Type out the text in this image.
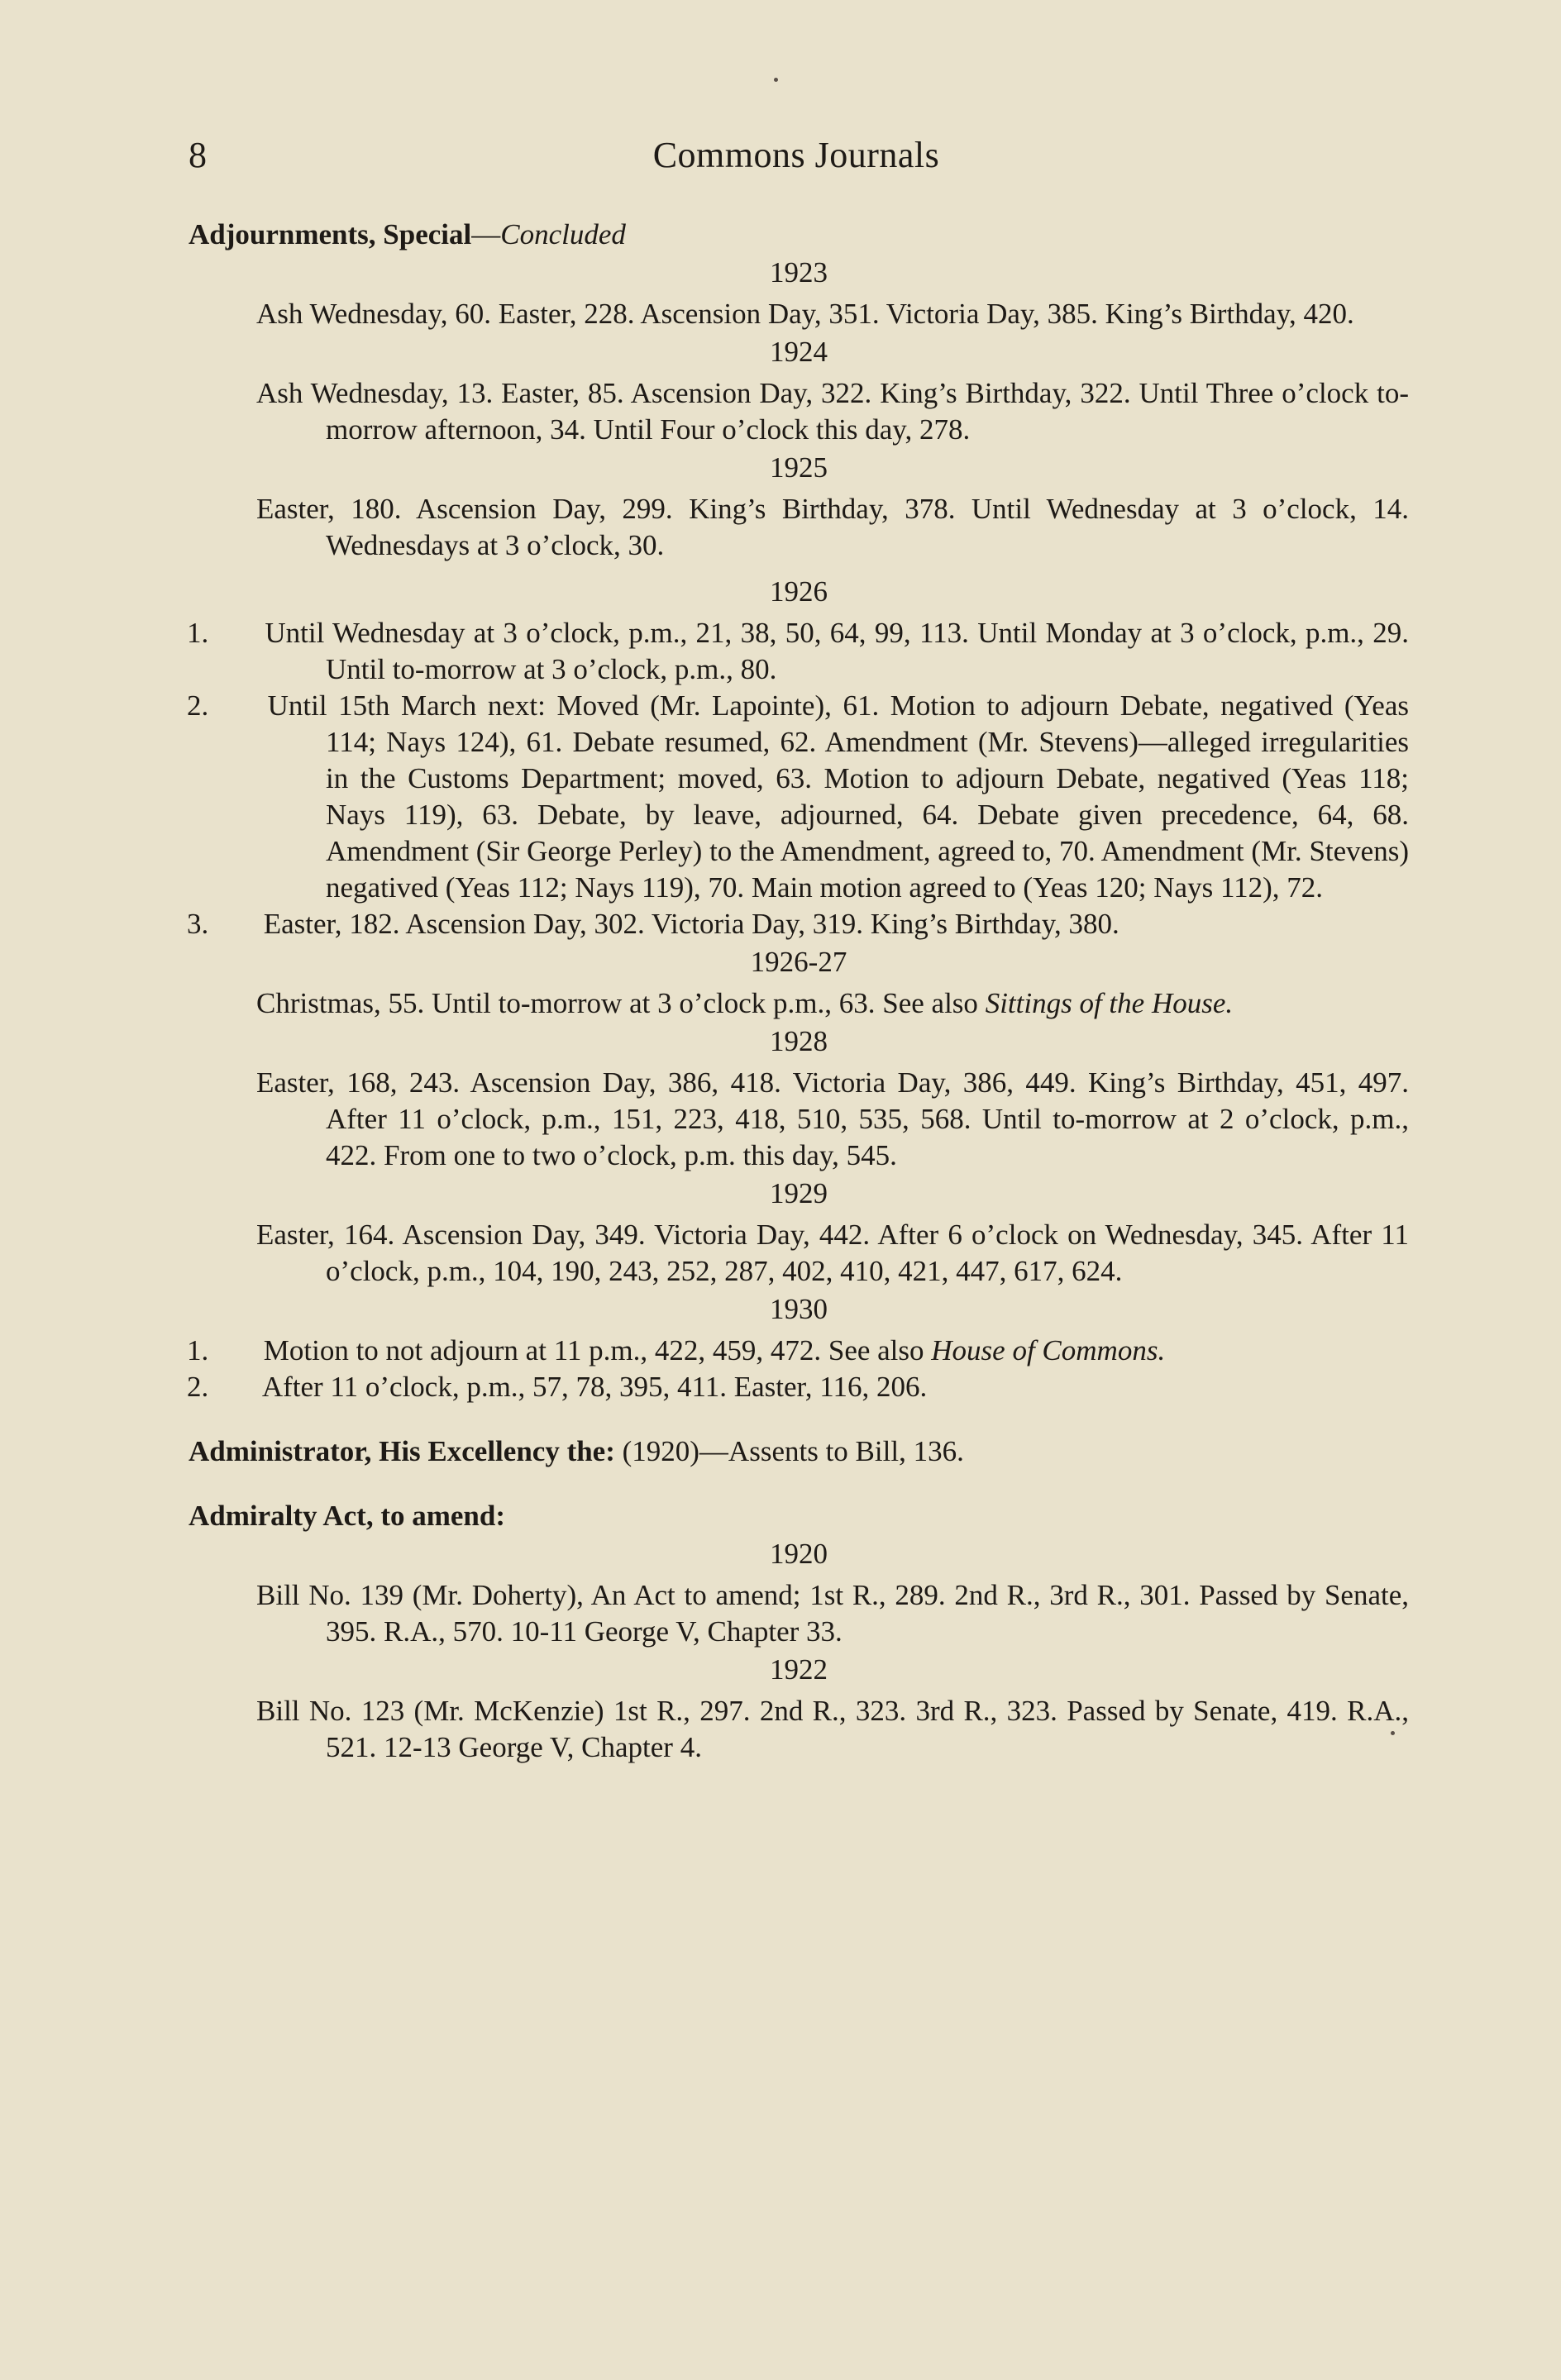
8	Commons Journals
Adjournments, Special—Concluded
1923

Ash Wednesday, 60. Easter, 228. Ascension Day, 351. Victoria Day, 385. King’s Birthday, 420.

1924

Ash Wednesday, 13. Easter, 85. Ascension Day, 322. King’s Birthday, 322. Until Three o’clock to-morrow afternoon, 34. Until Four o’clock this day, 278.

1925

Easter, 180. Ascension Day, 299. King’s Birthday, 378. Until Wednesday at 3 o’clock, 14. Wednesdays at 3 o’clock, 30.

1926

1. Until Wednesday at 3 o’clock, p.m., 21, 38, 50, 64, 99, 113. Until Monday at 3 o’clock, p.m., 29. Until to-morrow at 3 o’clock, p.m., 80.

2. Until 15th March next: Moved (Mr. Lapointe), 61. Motion to adjourn Debate, negatived (Yeas 114; Nays 124), 61. Debate resumed, 62. Amendment (Mr. Stevens)—alleged irregularities in the Customs Department; moved, 63. Motion to adjourn Debate, negatived (Yeas 118; Nays 119), 63. Debate, by leave, adjourned, 64. Debate given precedence, 64, 68. Amendment (Sir George Perley) to the Amendment, agreed to, 70. Amendment (Mr. Stevens) negatived (Yeas 112; Nays 119), 70. Main motion agreed to (Yeas 120; Nays 112), 72.

3. Easter, 182. Ascension Day, 302. Victoria Day, 319. King’s Birthday, 380.

1926-27

Christmas, 55. Until to-morrow at 3 o’clock p.m., 63. See also Sittings of the House.

1928

Easter, 168, 243. Ascension Day, 386, 418. Victoria Day, 386, 449. King’s Birthday, 451, 497. After 11 o’clock, p.m., 151, 223, 418, 510, 535, 568. Until to-morrow at 2 o’clock, p.m., 422. From one to two o’clock, p.m. this day, 545.

1929

Easter, 164. Ascension Day, 349. Victoria Day, 442. After 6 o’clock on Wednesday, 345. After 11 o’clock, p.m., 104, 190, 243, 252, 287, 402, 410, 421, 447, 617, 624.

1930

1. Motion to not adjourn at 11 p.m., 422, 459, 472. See also House of Commons.

2. After 11 o’clock, p.m., 57, 78, 395, 411. Easter, 116, 206.

Administrator, His Excellency the: (1920)—Assents to Bill, 136.
Admiralty Act, to amend:
1920

Bill No. 139 (Mr. Doherty), An Act to amend; 1st R., 289. 2nd R., 3rd R., 301. Passed by Senate, 395. R.A., 570. 10-11 George V, Chapter 33.

1922

Bill No. 123 (Mr. McKenzie) 1st R., 297. 2nd R., 323. 3rd R., 323. Passed by Senate, 419. R.A., 521. 12-13 George V, Chapter 4.
